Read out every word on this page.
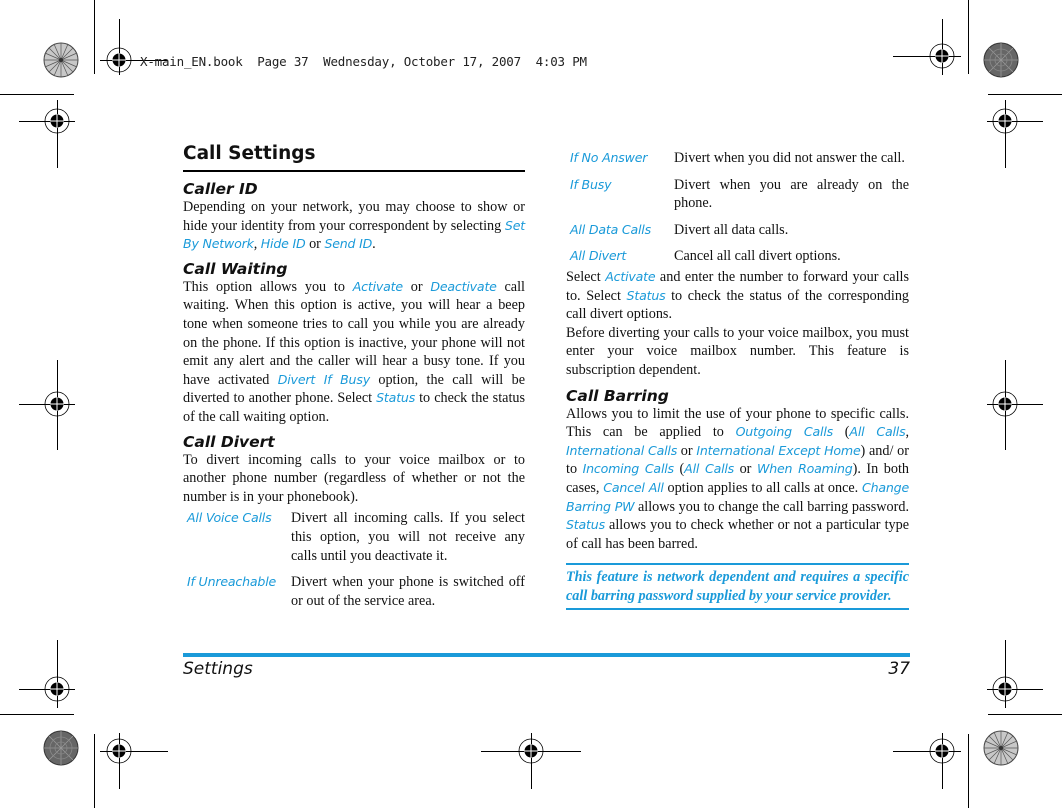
X-main_EN.book  Page 37  Wednesday, October 17, 2007  4:03 PM
Call Settings
Caller ID

Depending on your network, you may choose to show or hide your identity from your correspondent by selecting Set By Network, Hide ID or Send ID.

Call Waiting

This option allows you to Activate or Deactivate call waiting. When this option is active, you will hear a beep tone when someone tries to call you while you are already on the phone. If this option is inactive, your phone will not emit any alert and the caller will hear a busy tone. If you have activated Divert If Busy option, the call will be diverted to another phone. Select Status to check the status of the call waiting option.

Call Divert

To divert incoming calls to your voice mailbox or to another phone number (regardless of whether or not the number is in your phonebook).

All Voice Calls	Divert all incoming calls. If you select this option, you will not receive any calls until you deactivate it.
If Unreachable	Divert when your phone is switched off or out of the service area.
If No Answer	Divert when you did not answer the call.
If Busy	Divert when you are already on the phone.
All Data Calls	Divert all data calls.
All Divert	Cancel all call divert options.

Select Activate and enter the number to forward your calls to. Select Status to check the status of the corresponding call divert options.

Before diverting your calls to your voice mailbox, you must enter your voice mailbox number. This feature is subscription dependent.

Call Barring

Allows you to limit the use of your phone to specific calls. This can be applied to Outgoing Calls (All Calls, International Calls or International Except Home) and/ or to Incoming Calls (All Calls or When Roaming). In both cases, Cancel All option applies to all calls at once. Change Barring PW allows you to change the call barring password. Status allows you to check whether or not a particular type of call has been barred.

This feature is network dependent and requires a specific call barring password supplied by your service provider.
Settings	37
